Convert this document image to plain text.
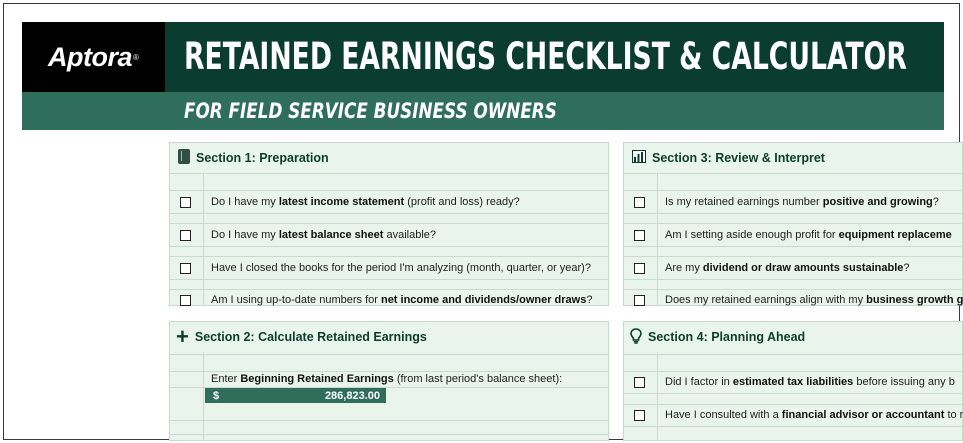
Aptora ® RETAINED EARNINGS CHECKLIST & CALCULATOR
FOR FIELD SERVICE BUSINESS OWNERS
Section 1: Preparation
Do I have my latest income statement (profit and loss) ready?
Do I have my latest balance sheet available?
Have I closed the books for the period I'm analyzing (month, quarter, or year)?
Am I using up-to-date numbers for net income and dividends/owner draws?
Section 3: Review & Interpret
Is my retained earnings number positive and growing?
Am I setting aside enough profit for equipment replaceme
Are my dividend or draw amounts sustainable?
Does my retained earnings align with my business growth g
+ Section 2: Calculate Retained Earnings
Enter Beginning Retained Earnings (from last period's balance sheet):
$	286,823.00
Section 4: Planning Ahead
Did I factor in estimated tax liabilities before issuing any b
Have I consulted with a financial advisor or accountant to r
